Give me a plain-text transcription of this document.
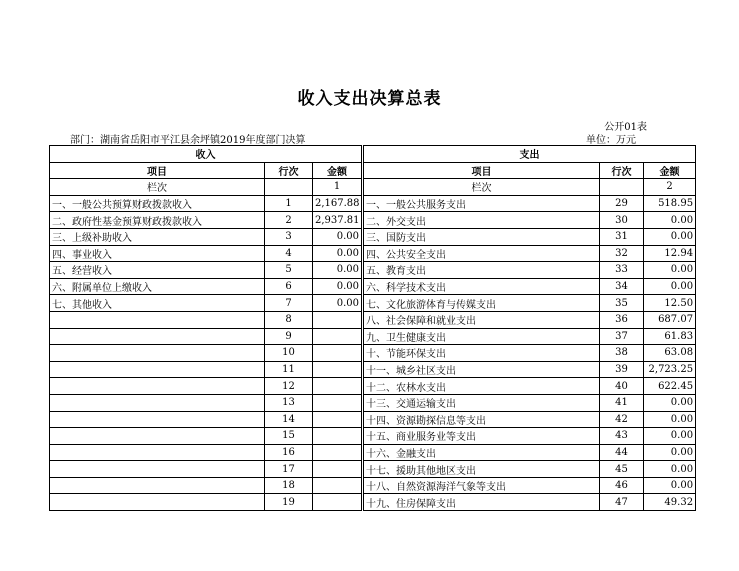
收入支出决算总表
公开01表
部门：湖南省岳阳市平江县余坪镇2019年度部门决算	单位：万元
收入			支出		
项目	行次	金额	项目	行次	金额
栏次		1	栏次		2
一、一般公共预算财政拨款收入	1	2,167.88	一、一般公共服务支出	29	518.95
二、政府性基金预算财政拨款收入	2	2,937.81	二、外交支出	30	0.00
三、上级补助收入	3	0.00	三、国防支出	31	0.00
四、事业收入	4	0.00	四、公共安全支出	32	12.94
五、经营收入	5	0.00	五、教育支出	33	0.00
六、附属单位上缴收入	6	0.00	六、科学技术支出	34	0.00
七、其他收入	7	0.00	七、文化旅游体育与传媒支出	35	12.50
	8		八、社会保障和就业支出	36	687.07
	9		九、卫生健康支出	37	61.83
	10		十、节能环保支出	38	63.08
	11		十一、城乡社区支出	39	2,723.25
	12		十二、农林水支出	40	622.45
	13		十三、交通运输支出	41	0.00
	14		十四、资源勘探信息等支出	42	0.00
	15		十五、商业服务业等支出	43	0.00
	16		十六、金融支出	44	0.00
	17		十七、援助其他地区支出	45	0.00
	18		十八、自然资源海洋气象等支出	46	0.00
	19		十九、住房保障支出	47	49.32
